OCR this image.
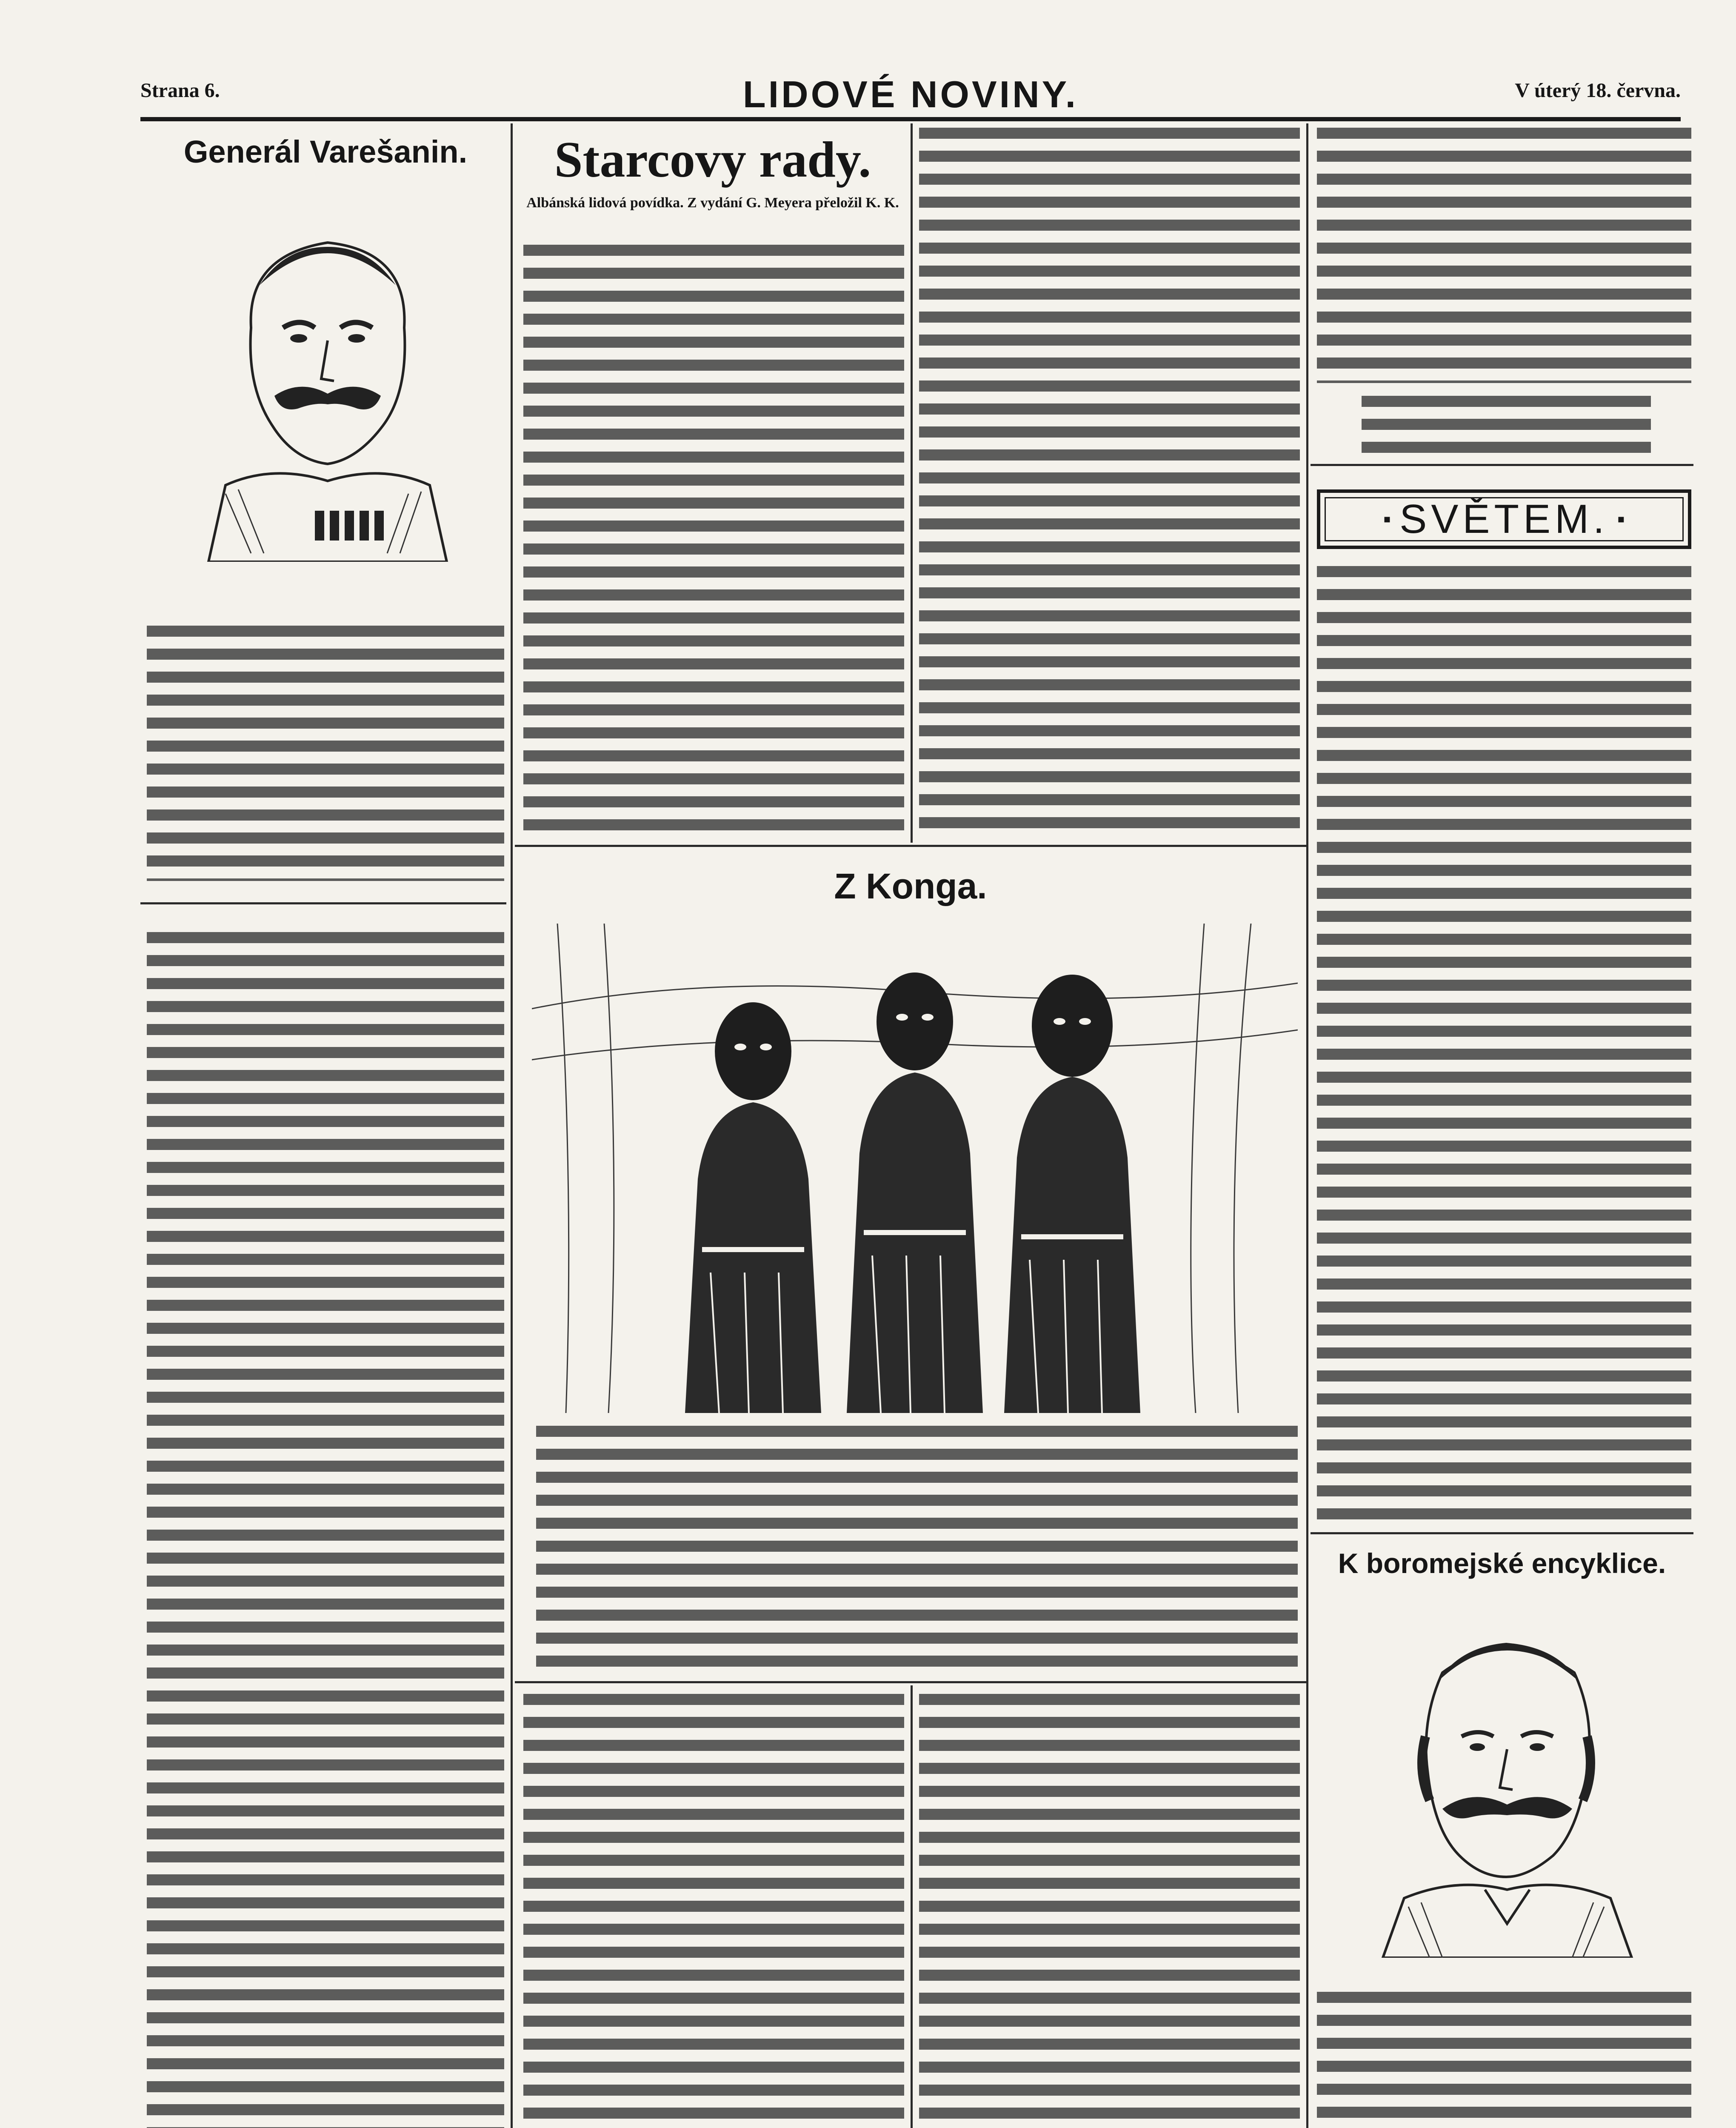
Strana 6.	LIDOVÉ NOVINY.	V úterý 18. června.
Generál Varešanin.	Starcovy rady.
Albánská lidová povídka. Z vydání G. Meyera přeložil K. K.
Z Konga.
▪ SVĚTEM. ▪
K boromejské encyklice.
